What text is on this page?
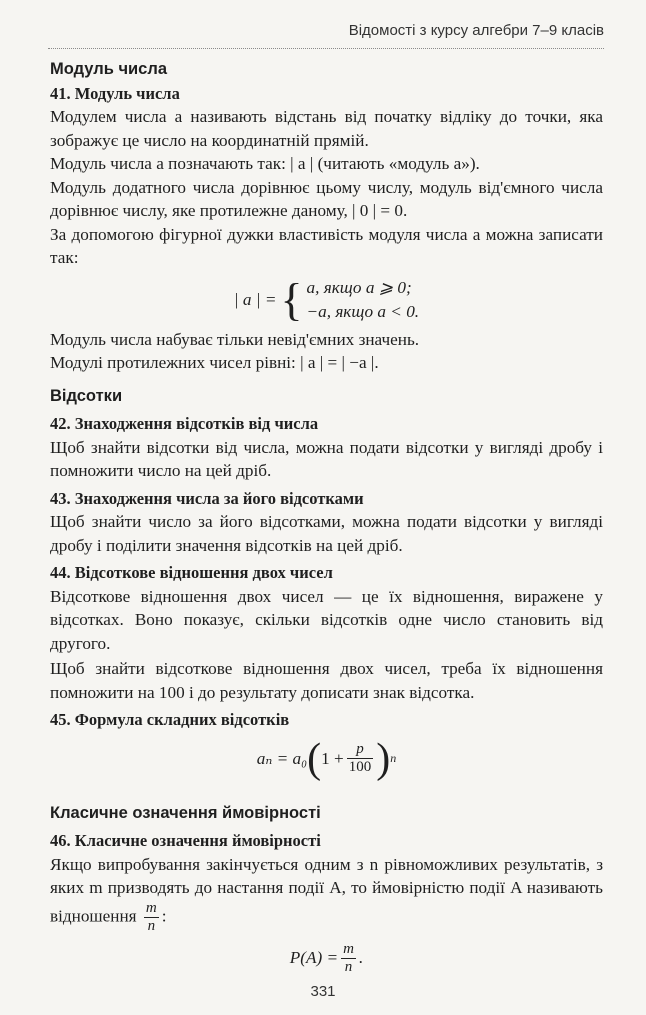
Відомості з курсу алгебри 7–9 класів

Модуль числа

41. Модуль числа

Модулем числа a називають відстань від початку відліку до точки, яка зображує це число на координатній прямій.

Модуль числа a позначають так: | a | (читають «модуль a»).

Модуль додатного числа дорівнює цьому числу, модуль від'ємного числа дорівнює числу, яке протилежне даному, | 0 | = 0.

За допомогою фігурної дужки властивість модуля числа a можна записати так:

| a | = { a, якщо a ⩾ 0;
−a, якщо a < 0.

Модуль числа набуває тільки невід'ємних значень.

Модулі протилежних чисел рівні: | a | = | −a |.

Відсотки

42. Знаходження відсотків від числа

Щоб знайти відсотки від числа, можна подати відсотки у вигляді дробу і помножити число на цей дріб.

43. Знаходження числа за його відсотками

Щоб знайти число за його відсотками, можна подати відсотки у вигляді дробу і поділити значення відсотків на цей дріб.

44. Відсоткове відношення двох чисел

Відсоткове відношення двох чисел — це їх відношення, виражене у відсотках. Воно показує, скільки відсотків одне число становить від другого.

Щоб знайти відсоткове відношення двох чисел, треба їх відношення помножити на 100 і до результату дописати знак відсотка.

45. Формула складних відсотків

aₙ = a₀ ( $1 + \frac{p}{100}$ ) n

Класичне означення ймовірності

46. Класичне означення ймовірності

Якщо випробування закінчується одним з n рівноможливих результатів, з яких m призводять до настання події A, то ймовірністю події A називають відношення $\frac{m}{n}$ :

$P(A) = \frac{m}{n}$ .
331
